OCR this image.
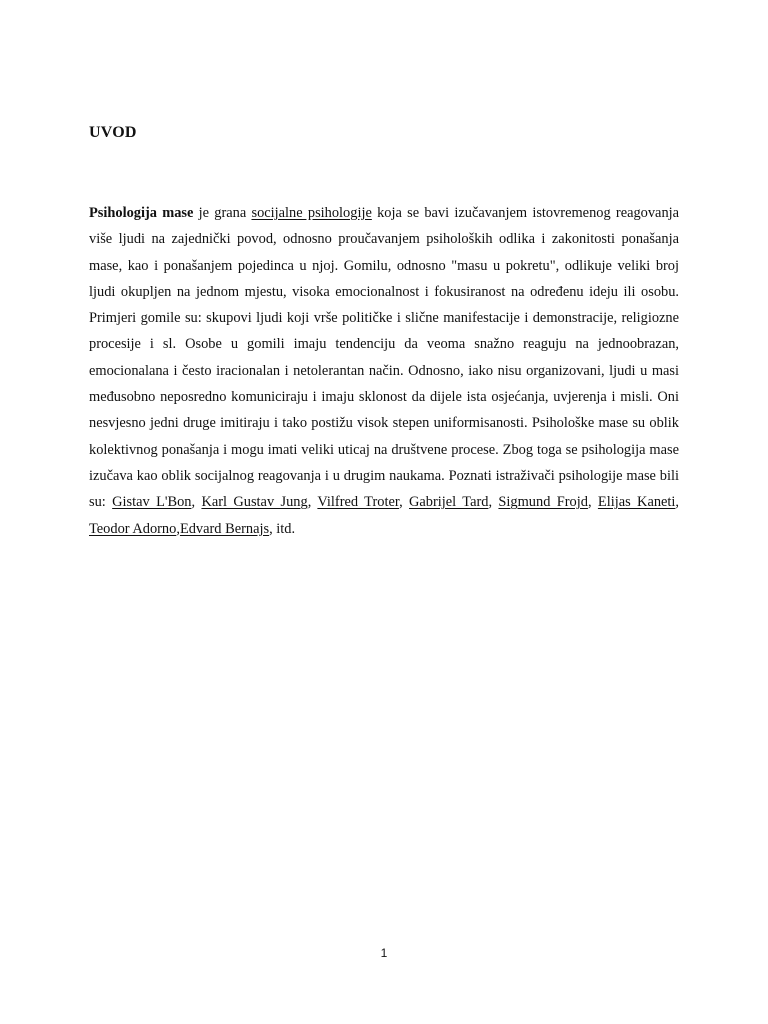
UVOD

Psihologija mase je grana socijalne psihologije koja se bavi izučavanjem istovremenog reagovanja više ljudi na zajednički povod, odnosno proučavanjem psiholoških odlika i zakonitosti ponašanja mase, kao i ponašanjem pojedinca u njoj. Gomilu, odnosno "masu u pokretu", odlikuje veliki broj ljudi okupljen na jednom mjestu, visoka emocionalnost i fokusiranost na određenu ideju ili osobu. Primjeri gomile su: skupovi ljudi koji vrše političke i slične manifestacije i demonstracije, religiozne procesije i sl. Osobe u gomili imaju tendenciju da veoma snažno reaguju na jednoobrazan, emocionalana i često iracionalan i netolerantan način. Odnosno, iako nisu organizovani, ljudi u masi međusobno neposredno komuniciraju i imaju sklonost da dijele ista osjećanja, uvjerenja i misli. Oni nesvjesno jedni druge imitiraju i tako postižu visok stepen uniformisanosti. Psihološke mase su oblik kolektivnog ponašanja i mogu imati veliki uticaj na društvene procese. Zbog toga se psihologija mase izučava kao oblik socijalnog reagovanja i u drugim naukama. Poznati istraživači psihologije mase bili su: Gistav L'Bon, Karl Gustav Jung, Vilfred Troter, Gabrijel Tard, Sigmund Frojd, Elijas Kaneti, Teodor Adorno,Edvard Bernajs, itd.

1
